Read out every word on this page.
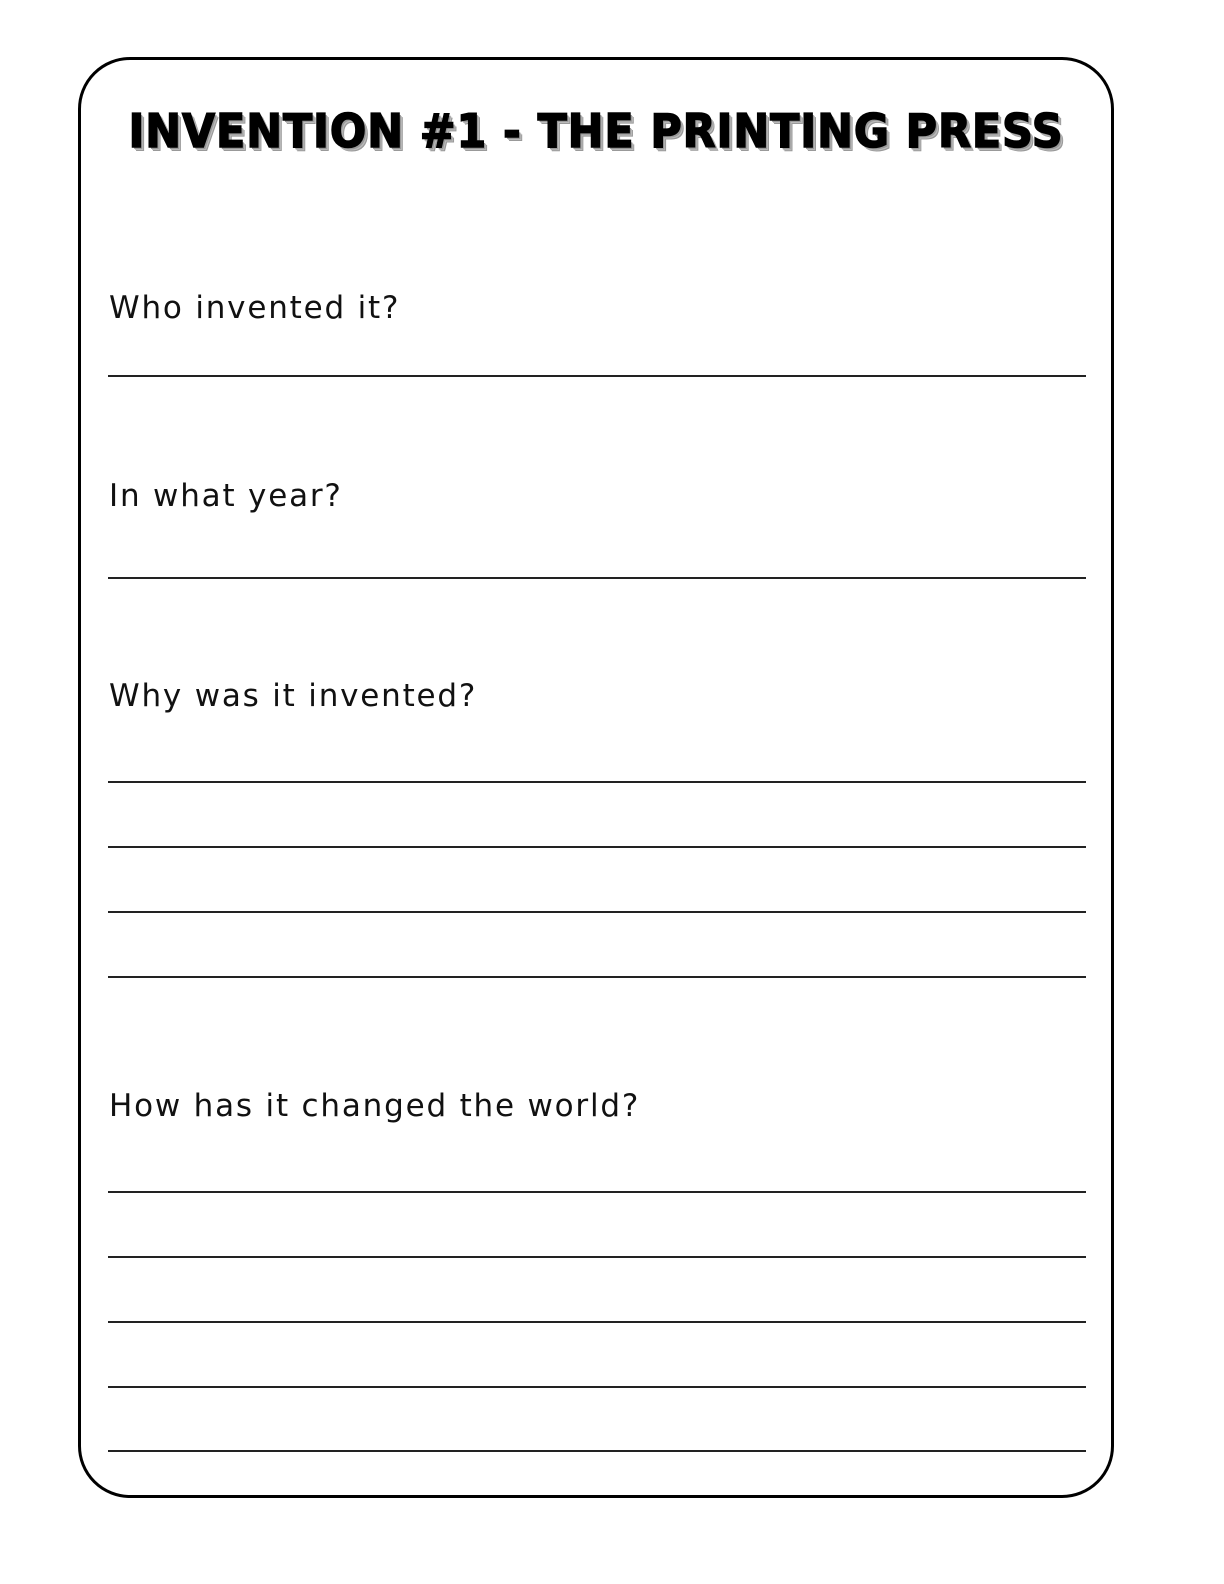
INVENTION #1 - THE PRINTING PRESS
Who invented it?
In what year?
Why was it invented?
How has it changed the world?
